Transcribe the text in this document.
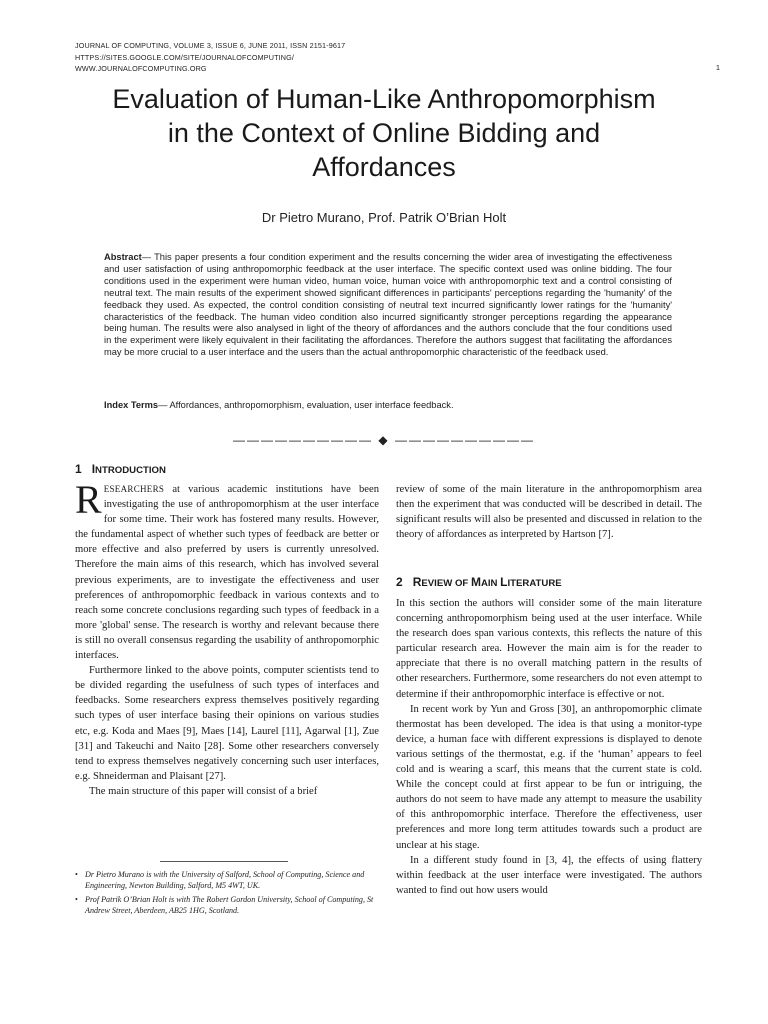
JOURNAL OF COMPUTING, VOLUME 3, ISSUE 6, JUNE 2011, ISSN 2151-9617
HTTPS://SITES.GOOGLE.COM/SITE/JOURNALOFCOMPUTING/
WWW.JOURNALOFCOMPUTING.ORG	1
Evaluation of Human-Like Anthropomorphism
in the Context of Online Bidding and
Affordances
Dr Pietro Murano, Prof. Patrik O’Brian Holt
Abstract— This paper presents a four condition experiment and the results concerning the wider area of investigating the effectiveness and user satisfaction of using anthropomorphic feedback at the user interface. The specific context used was online bidding. The four conditions used in the experiment were human video, human voice, human voice with anthropomorphic text and a control consisting of neutral text. The main results of the experiment showed significant differences in participants' perceptions regarding the 'humanity' of the feedback they used. As expected, the control condition consisting of neutral text incurred significantly lower ratings for the 'humanity' characteristics of the feedback. The human video condition also incurred significantly stronger perceptions regarding the appearance being human. The results were also analysed in light of the theory of affordances and the authors conclude that the four conditions used in the experiment were likely equivalent in their facilitating the affordances. Therefore the authors suggest that facilitating the affordances may be more crucial to a user interface and the users than the actual anthropomorphic characteristic of the feedback used.
Index Terms— Affordances, anthropomorphism, evaluation, user interface feedback.
—————————— ◆ ——————————
1 INTRODUCTION

RESEARCHERS at various academic institutions have been investigating the use of anthropomorphism at the user interface for some time. Their work has fostered many results. However, the fundamental aspect of whether such types of feedback are better or more effective and also preferred by users is currently unresolved. Therefore the main aims of this research, which has involved several previous experiments, are to investigate the effectiveness and user preferences of anthropomorphic feedback in various contexts and to reach some concrete conclusions regarding such types of feedback in a more 'global' sense. The research is worthy and relevant because there is still no overall consensus regarding the usability of anthropomorphic interfaces.

Furthermore linked to the above points, computer scientists tend to be divided regarding the usefulness of such types of interfaces and feedbacks. Some researchers express themselves positively regarding such types of user interface basing their opinions on various studies etc, e.g. Koda and Maes [9], Maes [14], Laurel [11], Agarwal [1], Zue [31] and Takeuchi and Naito [28]. Some other researchers conversely tend to express themselves negatively concerning such user interfaces, e.g. Shneiderman and Plaisant [27].

The main structure of this paper will consist of a brief

• Dr Pietro Murano is with the University of Salford, School of Computing, Science and Engineering, Newton Building, Salford, M5 4WT, UK.
• Prof Patrik O’Brian Holt is with The Robert Gordon University, School of Computing, St Andrew Street, Aberdeen, AB25 1HG, Scotland.

review of some of the main literature in the anthropomorphism area then the experiment that was conducted will be described in detail. The significant results will also be presented and discussed in relation to the theory of affordances as interpreted by Hartson [7].

2 REVIEW OF MAIN LITERATURE

In this section the authors will consider some of the main literature concerning anthropomorphism being used at the user interface. While the research does span various contexts, this reflects the nature of this particular research area. However the main aim is for the reader to appreciate that there is no overall matching pattern in the results of other researchers. Furthermore, some researchers do not even attempt to determine if their anthropomorphic interface is effective or not.

In recent work by Yun and Gross [30], an anthropomorphic climate thermostat has been developed. The idea is that using a monitor-type device, a human face with different expressions is displayed to denote various settings of the thermostat, e.g. if the ‘human’ appears to feel cold and is wearing a scarf, this means that the current state is cold. While the concept could at first appear to be fun or intriguing, the authors do not seem to have made any attempt to measure the usability of this anthropomorphic interface. Therefore the effectiveness, user preferences and more long term attitudes towards such a product are unclear at his stage.

In a different study found in [3, 4], the effects of using flattery within feedback at the user interface were investigated. The authors wanted to find out how users would
